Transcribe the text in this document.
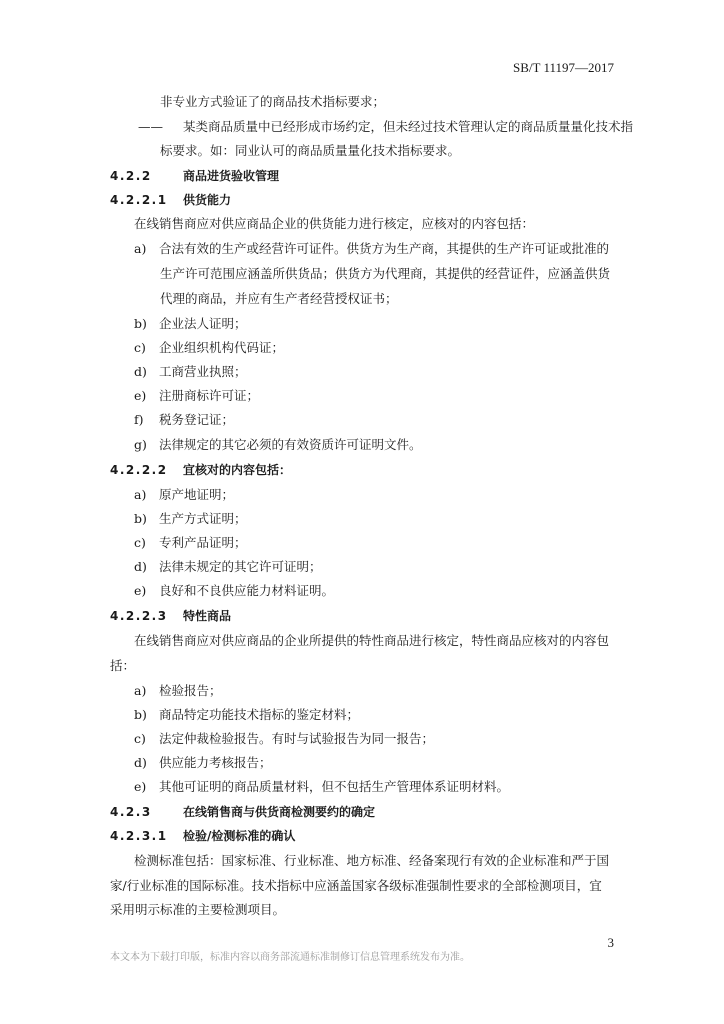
SB/T 11197—2017
非专业方式验证了的商品技术指标要求；
—— 某类商品质量中已经形成市场约定，但未经过技术管理认定的商品质量量化技术指
标要求。如：同业认可的商品质量量化技术指标要求。
4.2.2	商品进货验收管理
4.2.2.1 供货能力
在线销售商应对供应商品企业的供货能力进行核定，应核对的内容包括：
a) 合法有效的生产或经营许可证件。供货方为生产商，其提供的生产许可证或批准的
生产许可范围应涵盖所供货品；供货方为代理商，其提供的经营证件，应涵盖供货
代理的商品，并应有生产者经营授权证书；
b) 企业法人证明；
c) 企业组织机构代码证；
d) 工商营业执照；
e) 注册商标许可证；
f) 税务登记证；
g) 法律规定的其它必须的有效资质许可证明文件。
4.2.2.2 宜核对的内容包括：
a) 原产地证明；
b) 生产方式证明；
c) 专利产品证明；
d) 法律未规定的其它许可证明；
e) 良好和不良供应能力材料证明。
4.2.2.3 特性商品
在线销售商应对供应商品的企业所提供的特性商品进行核定，特性商品应核对的内容包
括：
a) 检验报告；
b) 商品特定功能技术指标的鉴定材料；
c) 法定仲裁检验报告。有时与试验报告为同一报告；
d) 供应能力考核报告；
e) 其他可证明的商品质量材料，但不包括生产管理体系证明材料。
4.2.3	在线销售商与供货商检测要约的确定
4.2.3.1 检验/检测标准的确认
检测标准包括：国家标准、行业标准、地方标准、经备案现行有效的企业标准和严于国
家/行业标准的国际标准。技术指标中应涵盖国家各级标准强制性要求的全部检测项目，宜
采用明示标准的主要检测项目。
3
本文本为下载打印版，标准内容以商务部流通标准制修订信息管理系统发布为准。
